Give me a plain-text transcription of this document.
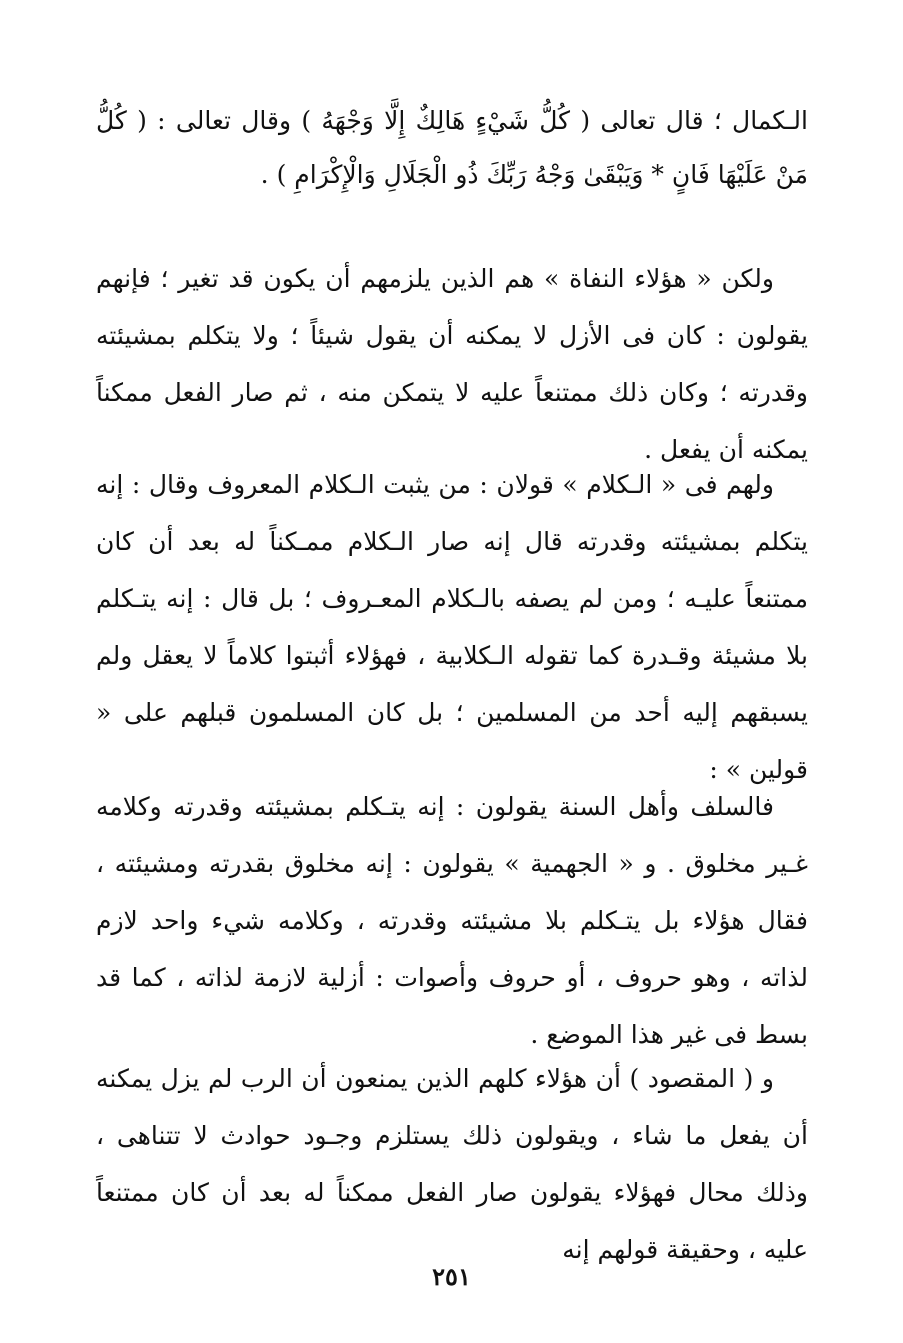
الـكمال ؛ قال تعالى ( كُلُّ شَيْءٍ هَالِكٌ إِلَّا وَجْهَهُ ) وقال تعالى : ( كُلُّ مَنْ عَلَيْهَا فَانٍ * وَيَبْقَىٰ وَجْهُ رَبِّكَ ذُو الْجَلَالِ وَالْإِكْرَامِ ) .

ولكن « هؤلاء النفاة » هم الذين يلزمهم أن يكون قد تغير ؛ فإنهم يقولون : كان فى الأزل لا يمكنه أن يقول شيئاً ؛ ولا يتكلم بمشيئته وقدرته ؛ وكان ذلك ممتنعاً عليه لا يتمكن منه ، ثم صار الفعل ممكناً يمكنه أن يفعل .

ولهم فى « الـكلام » قولان : من يثبت الـكلام المعروف وقال : إنه يتكلم بمشيئته وقدرته قال إنه صار الـكلام ممـكناً له بعد أن كان ممتنعاً عليـه ؛ ومن لم يصفه بالـكلام المعـروف ؛ بل قال : إنه يتـكلم بلا مشيئة وقـدرة كما تقوله الـكلابية ، فهؤلاء أثبتوا كلاماً لا يعقل ولم يسبقهم إليه أحد من المسلمين ؛ بل كان المسلمون قبلهم على « قولين » :

فالسلف وأهل السنة يقولون : إنه يتـكلم بمشيئته وقدرته وكلامه غـير مخلوق . و « الجهمية » يقولون : إنه مخلوق بقدرته ومشيئته ، فقال هؤلاء بل يتـكلم بلا مشيئته وقدرته ، وكلامه شيء واحد لازم لذاته ، وهو حروف ، أو حروف وأصوات : أزلية لازمة لذاته ، كما قد بسط فى غير هذا الموضع .

و ( المقصود ) أن هؤلاء كلهم الذين يمنعون أن الرب لم يزل يمكنه أن يفعل ما شاء ، ويقولون ذلك يستلزم وجـود حوادث لا تتناهى ، وذلك محال فهؤلاء يقولون صار الفعل ممكناً له بعد أن كان ممتنعاً عليه ، وحقيقة قولهم إنه

٢٥١
